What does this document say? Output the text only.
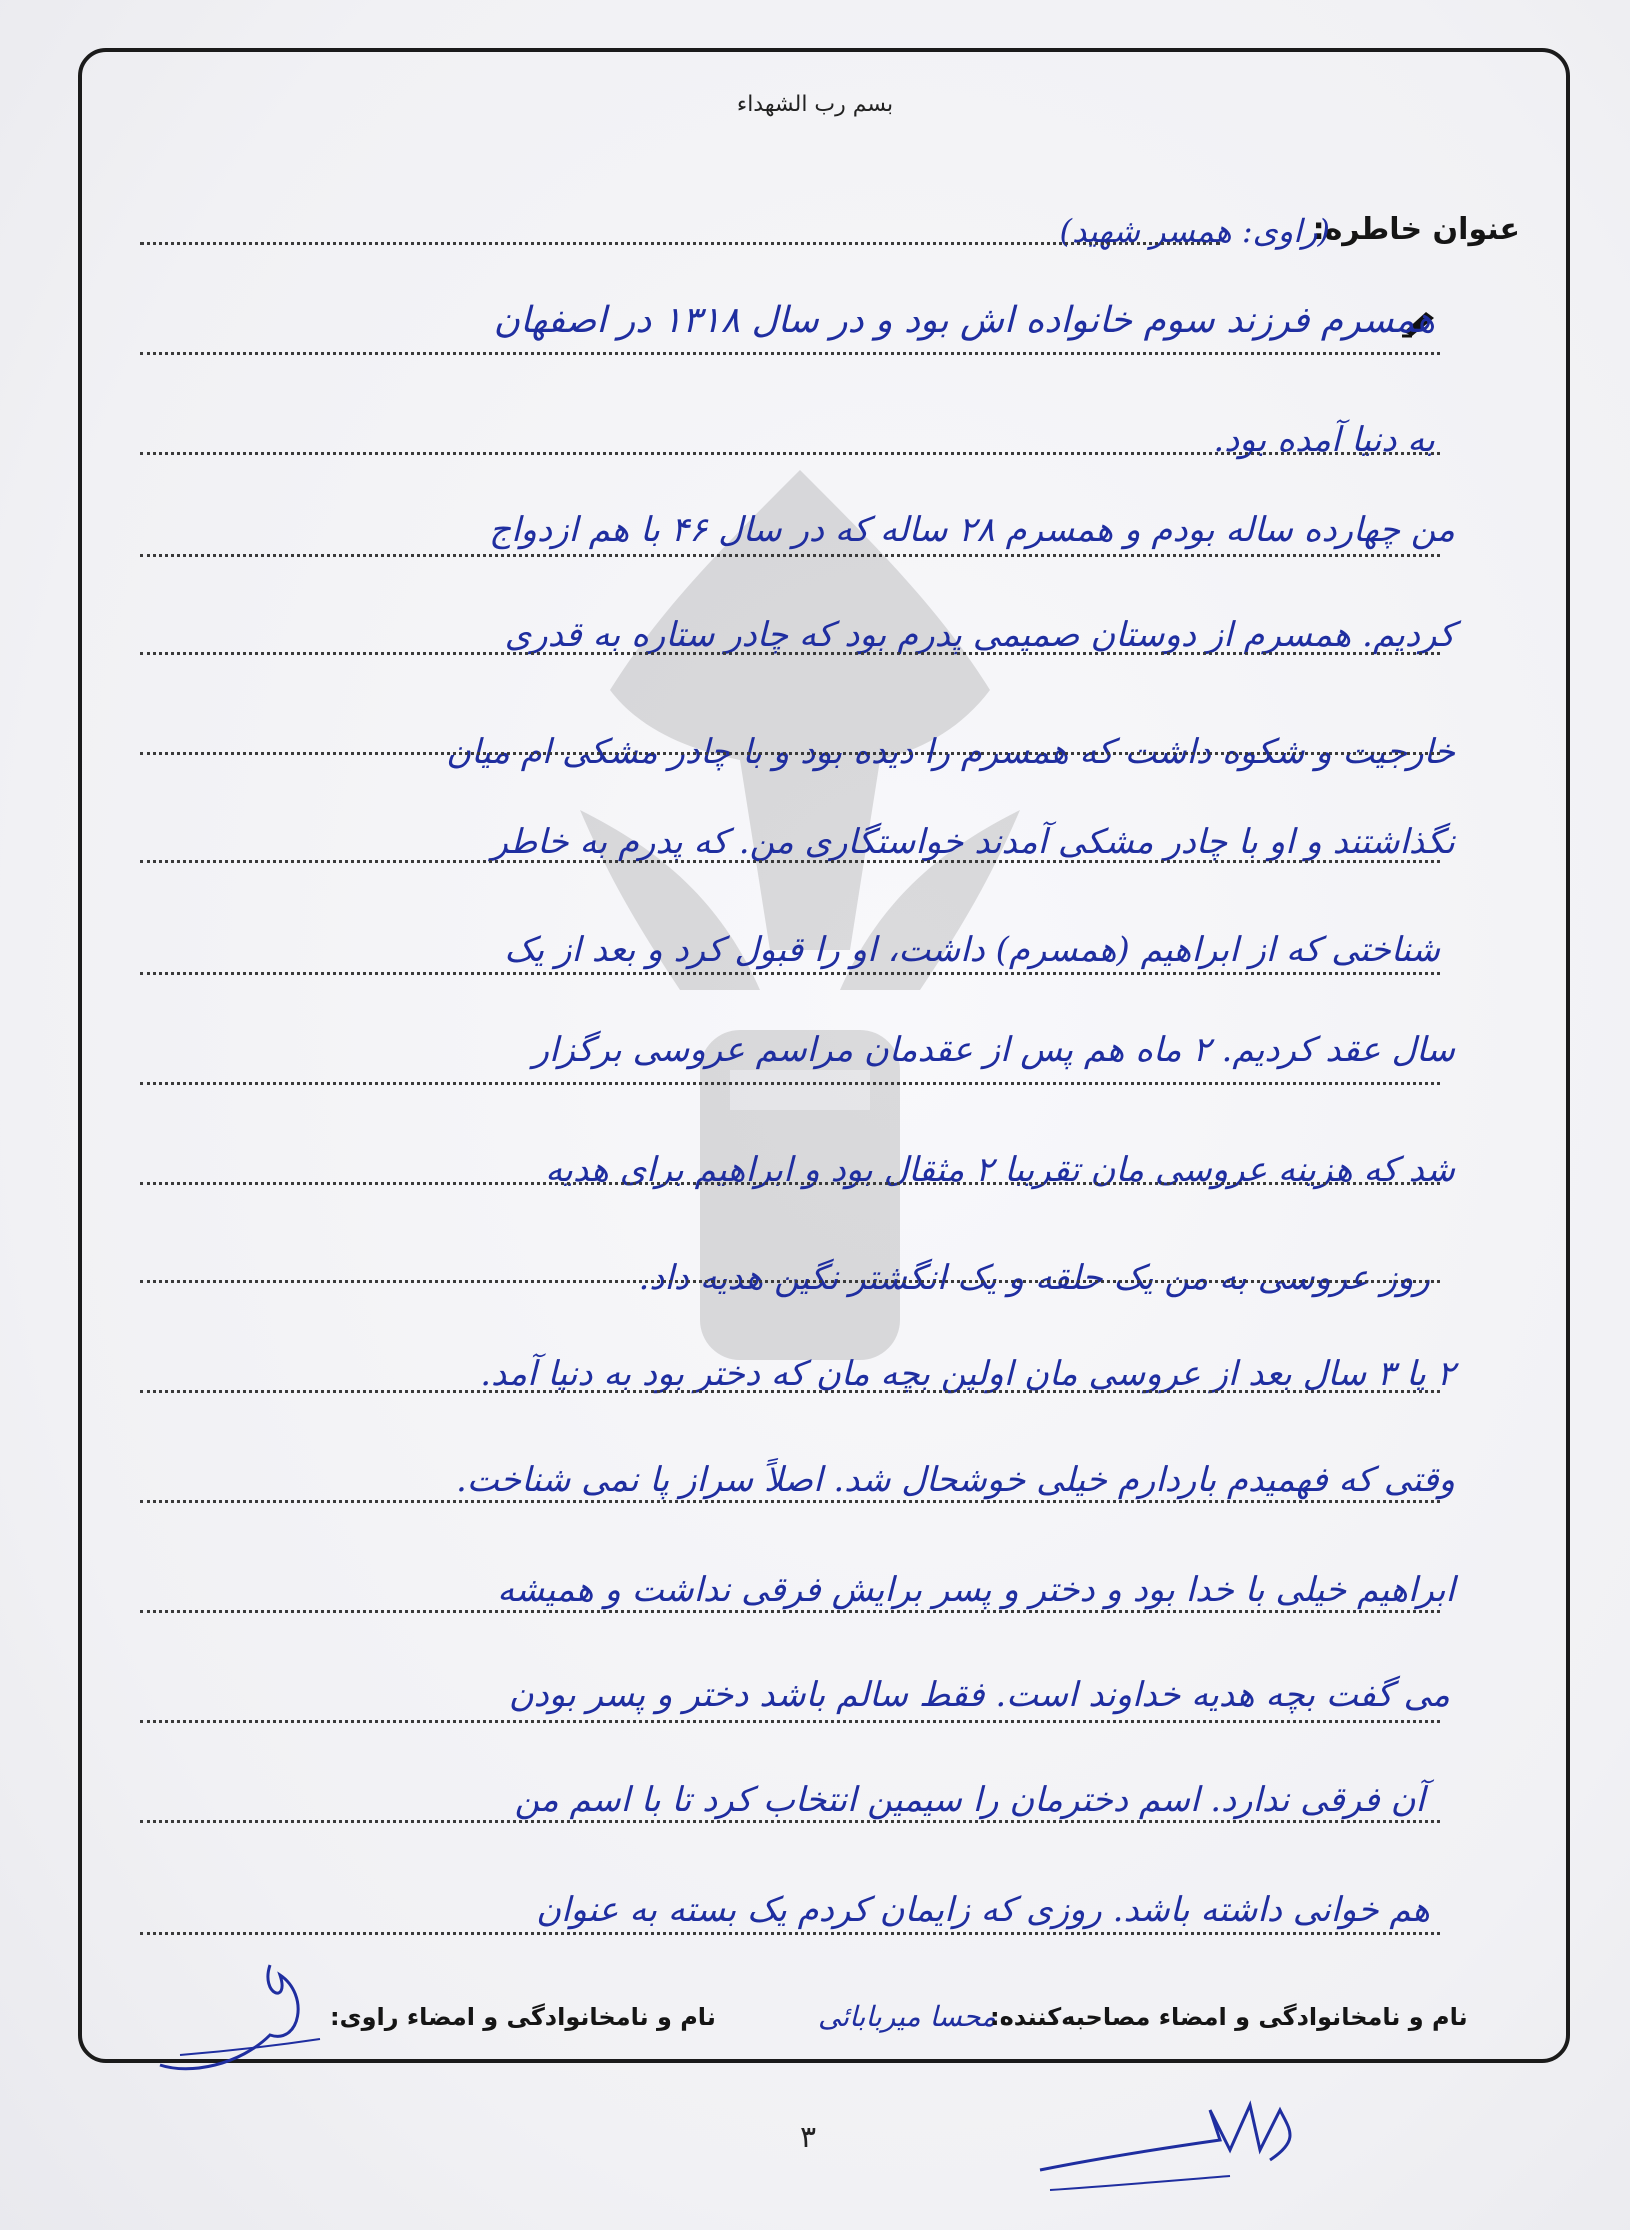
بسم رب الشهداء
عنوان خاطره:
(راوی: همسر شهید)
همسرم فرزند سوم خانواده اش بود و در سال ۱۳۱۸ در اصفهان
به دنیا آمده بود.
من چهارده ساله بودم و همسرم ۲۸ ساله که در سال ۴۶ با هم ازدواج
کردیم. همسرم از دوستان صمیمی پدرم بود که چادر ستاره به قدری
خارجیت و شکوه داشت که همسرم را دیده بود و با چادر مشکی ام میان
نگذاشتند و او با چادر مشکی آمدند خواستگاری من. که پدرم به خاطر
شناختی که از ابراهیم (همسرم) داشت، او را قبول کرد و بعد از یک
سال عقد کردیم. ۲ ماه هم پس از عقدمان مراسم عروسی برگزار
شد که هزینه عروسی مان تقریبا ۲ مثقال بود و ابراهیم برای هدیه
روز عروسی به من یک حلقه و یک انگشتر نگین هدیه داد.
۲ یا ۳ سال بعد از عروسی مان اولین بچه مان که دختر بود به دنیا آمد.
وقتی که فهمیدم باردارم خیلی خوشحال شد. اصلاً سراز پا نمی شناخت.
ابراهیم خیلی با خدا بود و دختر و پسر برایش فرقی نداشت و همیشه
می گفت بچه هدیه خداوند است. فقط سالم باشد دختر و پسر بودن
آن فرقی ندارد. اسم دخترمان را سیمین انتخاب کرد تا با اسم من
هم خوانی داشته باشد. روزی که زایمان کردم یک بسته به عنوان
نام و نامخانوادگی و امضاء راوی:	محسا میربابائی
نام و نامخانوادگی و امضاء مصاحبه‌کننده:
۳
